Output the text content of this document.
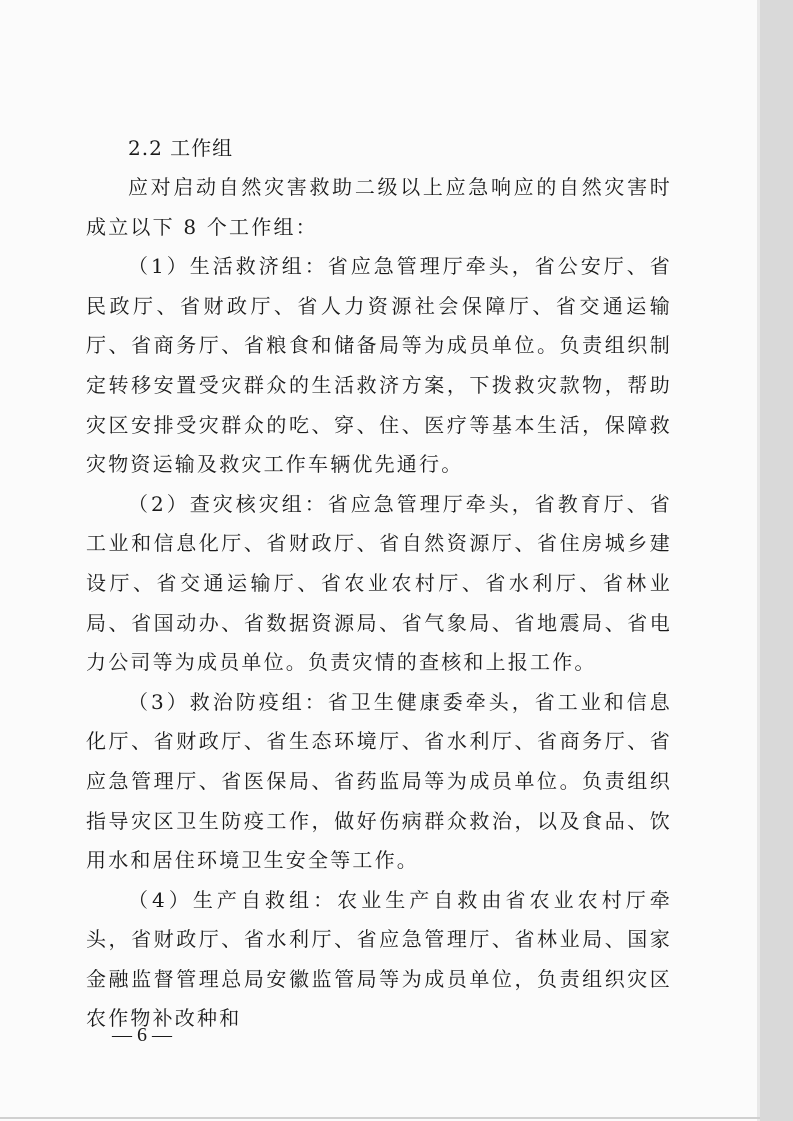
2.2 工作组

应对启动自然灾害救助二级以上应急响应的自然灾害时成立以下 8 个工作组：

（1）生活救济组：省应急管理厅牵头，省公安厅、省民政厅、省财政厅、省人力资源社会保障厅、省交通运输厅、省商务厅、省粮食和储备局等为成员单位。负责组织制定转移安置受灾群众的生活救济方案，下拨救灾款物，帮助灾区安排受灾群众的吃、穿、住、医疗等基本生活，保障救灾物资运输及救灾工作车辆优先通行。

（2）查灾核灾组：省应急管理厅牵头，省教育厅、省工业和信息化厅、省财政厅、省自然资源厅、省住房城乡建设厅、省交通运输厅、省农业农村厅、省水利厅、省林业局、省国动办、省数据资源局、省气象局、省地震局、省电力公司等为成员单位。负责灾情的查核和上报工作。

（3）救治防疫组：省卫生健康委牵头，省工业和信息化厅、省财政厅、省生态环境厅、省水利厅、省商务厅、省应急管理厅、省医保局、省药监局等为成员单位。负责组织指导灾区卫生防疫工作，做好伤病群众救治，以及食品、饮用水和居住环境卫生安全等工作。

（4）生产自救组：农业生产自救由省农业农村厅牵头，省财政厅、省水利厅、省应急管理厅、省林业局、国家金融监督管理总局安徽监管局等为成员单位，负责组织灾区农作物补改种和

— 6 —
